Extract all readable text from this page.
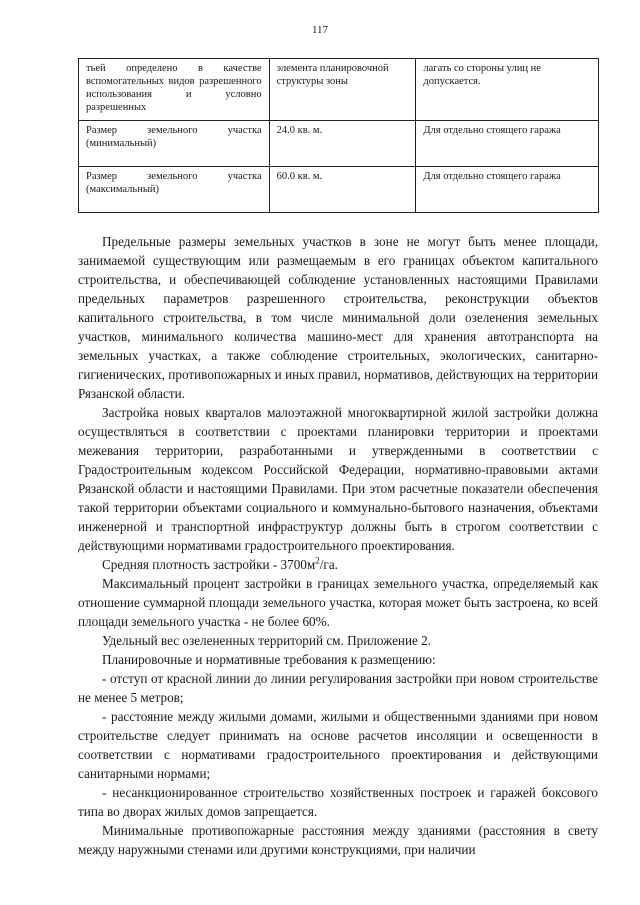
117
тьей определено в качестве вспомогательных видов разрешенного использования и условно разрешенных	элемента планировочной структуры зоны	лагать со стороны улиц не допускается.
Размер земельного участка (минимальный)	24.0 кв. м.	Для отдельно стоящего гаража
Размер земельного участка (максимальный)	60.0 кв. м.	Для отдельно стоящего гаража

Предельные размеры земельных участков в зоне не могут быть менее площади, занимаемой существующим или размещаемым в его границах объектом капитального строительства, и обеспечивающей соблюдение установленных настоящими Правилами предельных параметров разрешенного строительства, реконструкции объектов капитального строительства, в том числе минимальной доли озеленения земельных участков, минимального количества машино-мест для хранения автотранспорта на земельных участках, а также соблюдение строительных, экологических, санитарно-гигиенических, противопожарных и иных правил, нормативов, действующих на территории Рязанской области.

Застройка новых кварталов малоэтажной многоквартирной жилой застройки должна осуществляться в соответствии с проектами планировки территории и проектами межевания территории, разработанными и утвержденными в соответствии с Градостроительным кодексом Российской Федерации, нормативно-правовыми актами Рязанской области и настоящими Правилами. При этом расчетные показатели обеспечения такой территории объектами социального и коммунально-бытового назначения, объектами инженерной и транспортной инфраструктур должны быть в строгом соответствии с действующими нормативами градостроительного проектирования.

Средняя плотность застройки - $3700м^2/га$.

Максимальный процент застройки в границах земельного участка, определяемый как отношение суммарной площади земельного участка, которая может быть застроена, ко всей площади земельного участка - не более 60%.

Удельный вес озелененных территорий см. Приложение 2.

Планировочные и нормативные требования к размещению:

- отступ от красной линии до линии регулирования застройки при новом строительстве не менее 5 метров;

- расстояние между жилыми домами, жилыми и общественными зданиями при новом строительстве следует принимать на основе расчетов инсоляции и освещенности в соответствии с нормативами градостроительного проектирования и действующими санитарными нормами;

- несанкционированное строительство хозяйственных построек и гаражей боксового типа во дворах жилых домов запрещается.

Минимальные противопожарные расстояния между зданиями (расстояния в свету между наружными стенами или другими конструкциями, при наличии
